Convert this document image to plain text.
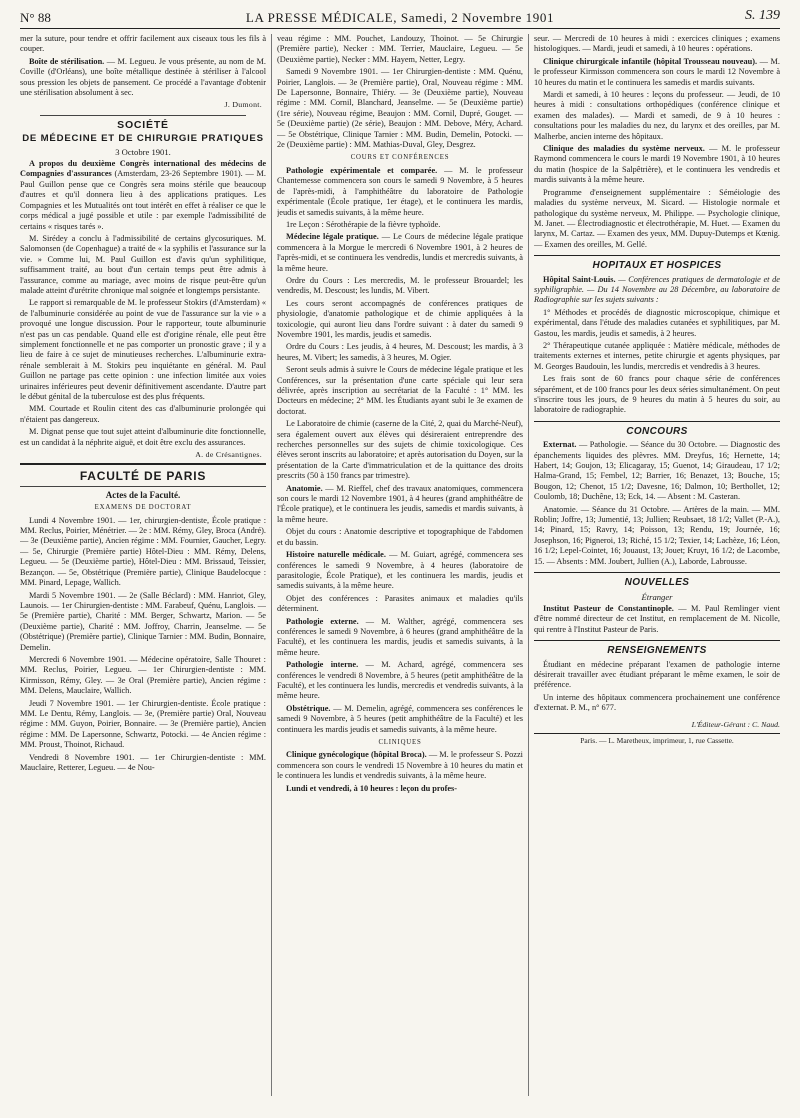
N° 88	LA PRESSE MÉDICALE, Samedi, 2 Novembre 1901	S. 139

mer la suture, pour tendre et offrir facilement aux ciseaux tous les fils à couper.

Boîte de stérilisation. — M. Legueu. Je vous présente, au nom de M. Coville (d'Orléans), une boîte métallique destinée à stériliser à l'alcool sous pression les objets de pansement. Ce procédé a l'avantage d'obtenir une stérilisation absolument à sec.

J. Dumont.
SOCIÉTÉ
DE MÉDECINE ET DE CHIRURGIE PRATIQUES
3 Octobre 1901.

A propos du deuxième Congrès international des médecins de Compagnies d'assurances (Amsterdam, 23-26 Septembre 1901). — M. Paul Guillon pense que ce Congrès sera moins stérile que beaucoup d'autres et qu'il donnera lieu à des applications pratiques. Les Compagnies et les Mutualités ont tout intérêt en effet à réaliser ce que le corps médical a jugé possible et utile : par exemple l'admissibilité de certains « risques tarés ».

M. Sirédey a conclu à l'admissibilité de certains glycosuriques. M. Salomonsen (de Copenhague) a traité de « la syphilis et l'assurance sur la vie. » Comme lui, M. Paul Guillon est d'avis qu'un syphilitique, suffisamment traité, au bout d'un certain temps peut être admis à l'assurance, comme au mariage, avec moins de risque peut-être qu'un malade atteint d'urétrite chronique mal soignée et longtemps persistante.

Le rapport si remarquable de M. le professeur Stokirs (d'Amsterdam) « de l'albuminurie considérée au point de vue de l'assurance sur la vie » a provoqué une longue discussion. Pour le rapporteur, toute albuminurie n'est pas un cas pendable. Quand elle est d'origine rénale, elle peut être simplement fonctionnelle et ne pas comporter un pronostic grave ; il y a lieu de faire à ce sujet de minutieuses recherches. L'albuminurie extra-rénale semblerait à M. Stokirs peu inquiétante en général. M. Paul Guillon ne partage pas cette opinion : une infection limitée aux voies urinaires inférieures peut devenir définitivement ascendante. D'autre part le début génital de la tuberculose est des plus fréquents.

MM. Courtade et Roulin citent des cas d'albuminurie prolongée qui n'étaient pas dangereux.

M. Dignat pense que tout sujet atteint d'albuminurie dite fonctionnelle, est un candidat à la néphrite aiguë, et doit être exclu des assurances.

A. de Crésantignes.
FACULTÉ DE PARIS
Actes de la Faculté.
EXAMENS DE DOCTORAT

Lundi 4 Novembre 1901. — 1er, chirurgien-dentiste, École pratique : MM. Reclus, Poirier, Ménétrier. — 2e : MM. Rémy, Gley, Broca (André). — 3e (Deuxième partie), Ancien régime : MM. Fournier, Gaucher, Legry. — 5e, Chirurgie (Première partie) Hôtel-Dieu : MM. Rémy, Delens, Legueu. — 5e (Deuxième partie), Hôtel-Dieu : MM. Brissaud, Teissier, Bezançon. — 5e, Obstétrique (Première partie), Clinique Baudelocque : MM. Pinard, Lepage, Wallich.

Mardi 5 Novembre 1901. — 2e (Salle Béclard) : MM. Hanriot, Gley, Launois. — 1er Chirurgien-dentiste : MM. Farabeuf, Quénu, Langlois. — 5e (Première partie), Charité : MM. Berger, Schwartz, Marion. — 5e (Deuxième partie), Charité : MM. Joffroy, Charrin, Jeanselme. — 5e (Obstétrique) (Première partie), Clinique Tarnier : MM. Budin, Bonnaire, Demelin.

Mercredi 6 Novembre 1901. — Médecine opératoire, Salle Thouret : MM. Reclus, Poirier, Legueu. — 1er Chirurgien-dentiste : MM. Kirmisson, Rémy, Gley. — 3e Oral (Première partie), Ancien régime : MM. Delens, Mauclaire, Wallich.

Jeudi 7 Novembre 1901. — 1er Chirurgien-dentiste. École pratique : MM. Le Dentu, Rémy, Langlois. — 3e, (Première partie) Oral, Nouveau régime : MM. Guyon, Poirier, Bonnaire. — 3e (Première partie), Ancien régime : MM. De Lapersonne, Schwartz, Potocki. — 4e Ancien régime : MM. Proust, Thoinot, Richaud.

Vendredi 8 Novembre 1901. — 1er Chirurgien-dentiste : MM. Mauclaire, Retterer, Legueu. — 4e Nou-

veau régime : MM. Pouchet, Landouzy, Thoinot. — 5e Chirurgie (Première partie), Necker : MM. Terrier, Mauclaire, Legueu. — 5e (Deuxième partie), Necker : MM. Hayem, Netter, Legry.

Samedi 9 Novembre 1901. — 1er Chirurgien-dentiste : MM. Quénu, Poirier, Langlois. — 3e (Première partie), Oral, Nouveau régime : MM. De Lapersonne, Bonnaire, Thiéry. — 3e (Deuxième partie), Nouveau régime : MM. Cornil, Blanchard, Jeanselme. — 5e (Deuxième partie) (1re série), Nouveau régime, Beaujon : MM. Cornil, Dupré, Gouget. — 5e (Deuxième partie) (2e série), Beaujon : MM. Debove, Méry, Achard. — 5e Obstétrique, Clinique Tarnier : MM. Budin, Demelin, Potocki. — 2e (Deuxième partie) : MM. Mathias-Duval, Gley, Desgrez.

COURS ET CONFÉRENCES

Pathologie expérimentale et comparée. — M. le professeur Chantemesse commencera son cours le samedi 9 Novembre, à 5 heures de l'après-midi, à l'amphithéâtre du laboratoire de Pathologie expérimentale (École pratique, 1er étage), et le continuera les mardis, jeudis et samedis suivants, à la même heure.

1re Leçon : Sérothérapie de la fièvre typhoïde.

Médecine légale pratique. — Le Cours de médecine légale pratique commencera à la Morgue le mercredi 6 Novembre 1901, à 2 heures de l'après-midi, et se continuera les vendredis, lundis et mercredis suivants, à la même heure.

Ordre du Cours : Les mercredis, M. le professeur Brouardel; les vendredis, M. Descoust; les lundis, M. Vibert.

Les cours seront accompagnés de conférences pratiques de physiologie, d'anatomie pathologique et de chimie appliquées à la toxicologie, qui auront lieu dans l'ordre suivant : à dater du samedi 9 Novembre 1901, les mardis, jeudis et samedis.

Ordre du Cours : Les jeudis, à 4 heures, M. Descoust; les mardis, à 3 heures, M. Vibert; les samedis, à 3 heures, M. Ogier.

Seront seuls admis à suivre le Cours de médecine légale pratique et les Conférences, sur la présentation d'une carte spéciale qui leur sera délivrée, après inscription au secrétariat de la Faculté : 1° MM. les Docteurs en médecine; 2° MM. les Étudiants ayant subi le 3e examen de doctorat.

Le Laboratoire de chimie (caserne de la Cité, 2, quai du Marché-Neuf), sera également ouvert aux élèves qui désireraient entreprendre des recherches personnelles sur des sujets de chimie toxicologique. Ces élèves seront inscrits au laboratoire; et après autorisation du Doyen, sur la présentation de la Carte d'immatriculation et de la quittance des droits prescrits (50 à 150 francs par trimestre).

Anatomie. — M. Rieffel, chef des travaux anatomiques, commencera son cours le mardi 12 Novembre 1901, à 4 heures (grand amphithéâtre de l'École pratique), et le continuera les jeudis, samedis et mardis suivants, à la même heure.

Objet du cours : Anatomie descriptive et topographique de l'abdomen et du bassin.

Histoire naturelle médicale. — M. Guiart, agrégé, commencera ses conférences le samedi 9 Novembre, à 4 heures (laboratoire de parasitologie, École Pratique), et les continuera les mardis, jeudis et samedis suivants, à la même heure.

Objet des conférences : Parasites animaux et maladies qu'ils déterminent.

Pathologie externe. — M. Walther, agrégé, commencera ses conférences le samedi 9 Novembre, à 6 heures (grand amphithéâtre de la Faculté), et les continuera les mardis, jeudis et samedis suivants, à la même heure.

Pathologie interne. — M. Achard, agrégé, commencera ses conférences le vendredi 8 Novembre, à 5 heures (petit amphithéâtre de la Faculté), et les continuera les lundis, mercredis et vendredis suivants, à la même heure.

Obstétrique. — M. Demelin, agrégé, commencera ses conférences le samedi 9 Novembre, à 5 heures (petit amphithéâtre de la Faculté) et les continuera les mardis jeudis et samedis suivants, à la même heure.

CLINIQUES

Clinique gynécologique (hôpital Broca). — M. le professeur S. Pozzi commencera son cours le vendredi 15 Novembre à 10 heures du matin et le continuera les lundis et vendredis suivants, à la même heure.

Lundi et vendredi, à 10 heures : leçon du profes-

seur. — Mercredi de 10 heures à midi : exercices cliniques ; examens histologiques. — Mardi, jeudi et samedi, à 10 heures : opérations.

Clinique chirurgicale infantile (hôpital Trousseau nouveau). — M. le professeur Kirmisson commencera son cours le mardi 12 Novembre à 10 heures du matin et le continuera les samedis et mardis suivants.

Mardi et samedi, à 10 heures : leçons du professeur. — Jeudi, de 10 heures à midi : consultations orthopédiques (conférence clinique et examen des malades). — Mardi et samedi, de 9 à 10 heures : consultations pour les maladies du nez, du larynx et des oreilles, par M. Malherbe, ancien interne des hôpitaux.

Clinique des maladies du système nerveux. — M. le professeur Raymond commencera le cours le mardi 19 Novembre 1901, à 10 heures du matin (hospice de la Salpêtrière), et le continuera les vendredis et mardis suivants à la même heure.

Programme d'enseignement supplémentaire : Séméiologie des maladies du système nerveux, M. Sicard. — Histologie normale et pathologique du système nerveux, M. Philippe. — Psychologie clinique, M. Janet. — Électrodiagnostic et électrothérapie, M. Huet. — Examen du larynx, M. Cartaz. — Examen des yeux, MM. Dupuy-Dutemps et Kœnig. — Examen des oreilles, M. Gellé.

HOPITAUX ET HOSPICES

Hôpital Saint-Louis. — Conférences pratiques de dermatologie et de syphiligraphie. — Du 14 Novembre au 28 Décembre, au laboratoire de Radiographie sur les sujets suivants :

1° Méthodes et procédés de diagnostic microscopique, chimique et expérimental, dans l'étude des maladies cutanées et syphilitiques, par M. Gastou, les mardis, jeudis et samedis, à 2 heures.

2° Thérapeutique cutanée appliquée : Matière médicale, méthodes de traitements externes et internes, petite chirurgie et agents physiques, par M. Georges Baudouin, les lundis, mercredis et vendredis à 3 heures.

Les frais sont de 60 francs pour chaque série de conférences séparément, et de 100 francs pour les deux séries simultanément. On peut s'inscrire tous les jours, de 9 heures du matin à 5 heures du soir, au laboratoire de radiographie.

CONCOURS

Externat. — Pathologie. — Séance du 30 Octobre. — Diagnostic des épanchements liquides des plèvres. MM. Dreyfus, 16; Hernette, 14; Habert, 14; Goujon, 13; Elicagaray, 15; Guenot, 14; Giraudeau, 17 1/2; Halma-Grand, 15; Fembel, 12; Barrier, 16; Benazet, 13; Bouche, 15; Bougon, 12; Chenot, 15 1/2; Davesne, 16; Dalmon, 10; Berthollet, 12; Coulomb, 18; Duchêne, 13; Eck, 14. — Absent : M. Casteran.

Anatomie. — Séance du 31 Octobre. — Artères de la main. — MM. Roblin; Joffre, 13; Jumentié, 13; Jullien; Reubsaet, 18 1/2; Vallet (P.-A.), 14; Pinard, 15; Ravry, 14; Poisson, 13; Rendu, 19; Journée, 16; Josephson, 16; Pigneroi, 13; Riché, 15 1/2; Texier, 14; Lachèze, 16; Léon, 16 1/2; Lepel-Cointet, 16; Jouaust, 13; Jouet; Kruyt, 16 1/2; de Lacombe, 15. — Absents : MM. Joubert, Jullien (A.), Laborde, Labrousse.

NOUVELLES
Étranger

Institut Pasteur de Constantinople. — M. Paul Remlinger vient d'être nommé directeur de cet Institut, en remplacement de M. Nicolle, qui rentre à l'Institut Pasteur de Paris.

RENSEIGNEMENTS

Étudiant en médecine préparant l'examen de pathologie interne désirerait travailler avec étudiant préparant le même examen, le soir de préférence.

Un interne des hôpitaux commencera prochainement une conférence d'externat. P. M., n° 677.

L'Éditeur-Gérant : C. Naud.
Paris. — L. Maretheux, imprimeur, 1, rue Cassette.
